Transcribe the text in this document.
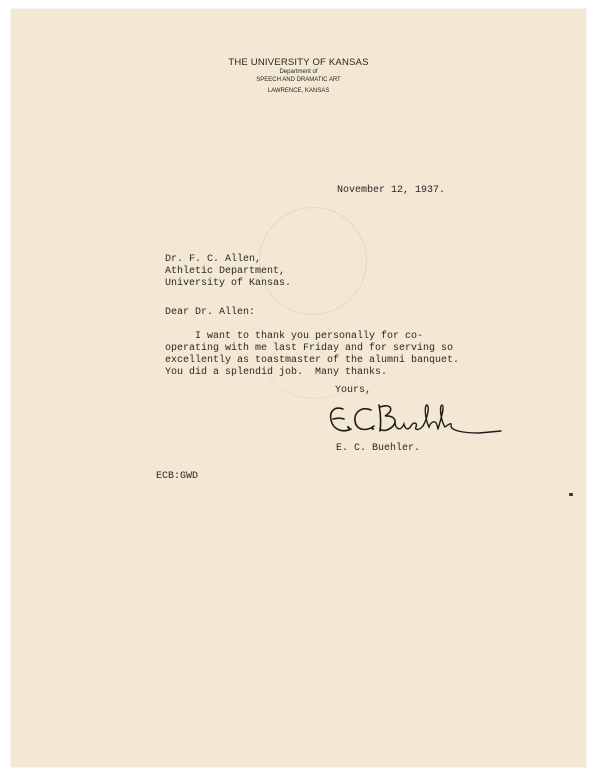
THE UNIVERSITY OF KANSAS

Department of

SPEECH AND DRAMATIC ART

LAWRENCE, KANSAS

November 12, 1937.

Dr. F. C. Allen,
Athletic Department,
University of Kansas.

Dear Dr. Allen:

I want to thank you personally for co-
operating with me last Friday and for serving so
excellently as toastmaster of the alumni banquet.
You did a splendid job.  Many thanks.

Yours,

E. C. Buehler.

ECB:GWD
